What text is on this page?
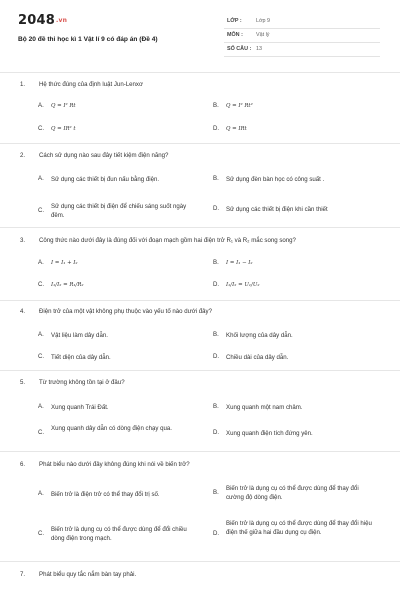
2048.vn
Bộ 20 đề thi học kì 1 Vật lí 9 có đáp án (Đề 4)
LỚP :	Lớp 9
MÔN : Vật lý
SỐ CÂU : 13
1. Hệ thức đúng của định luật Jun-Lenxơ
A. Q = I² Rt	B. Q = I² Rt²
C. Q = IR² t	D. Q = IRt
2. Cách sử dụng nào sau đây tiết kiệm điện năng?
A. Sử dụng các thiết bị đun nấu bằng điện.	B. Sử dụng đèn bàn học có công suất .
C.
Sử dụng các thiết bị điện để chiếu sáng suốt ngày đêm.
D. Sử dụng các thiết bị điện khi cần thiết
3. Công thức nào dưới đây là đúng đối với đoạn mạch gồm hai điện trở R₁ và R₂ mắc song song?
A. I = I₁ + I₂	B. I = I₁ − I₂
C. I₁/I₂ = R₁/R₂	D. I₁/I₂ = U₁/U₂
4. Điện trở của một vật không phụ thuộc vào yếu tố nào dưới đây?
A. Vật liệu làm dây dẫn.	B. Khối lượng của dây dẫn.
C. Tiết diện của dây dẫn.	D. Chiều dài của dây dẫn.
5. Từ trường không tồn tại ở đâu?
A. Xung quanh Trái Đất.	B. Xung quanh một nam châm.
C.
Xung quanh dây dẫn có dòng điện chạy qua.
D. Xung quanh điện tích đứng yên.
6. Phát biểu nào dưới đây không đúng khi nói về biến trở?
A. Biến trở là điện trở có thể thay đổi trị số.	B.
Biến trở là dụng cụ có thể được dùng để thay đổi cường độ dòng điện.
C.
Biến trở là dụng cụ có thể được dùng để đổi chiều dòng điện trong mạch.
D.
Biến trở là dụng cụ có thể được dùng để thay đổi hiệu điện thế giữa hai đầu dụng cụ điện.
7. Phát biểu quy tắc nắm bàn tay phải.
